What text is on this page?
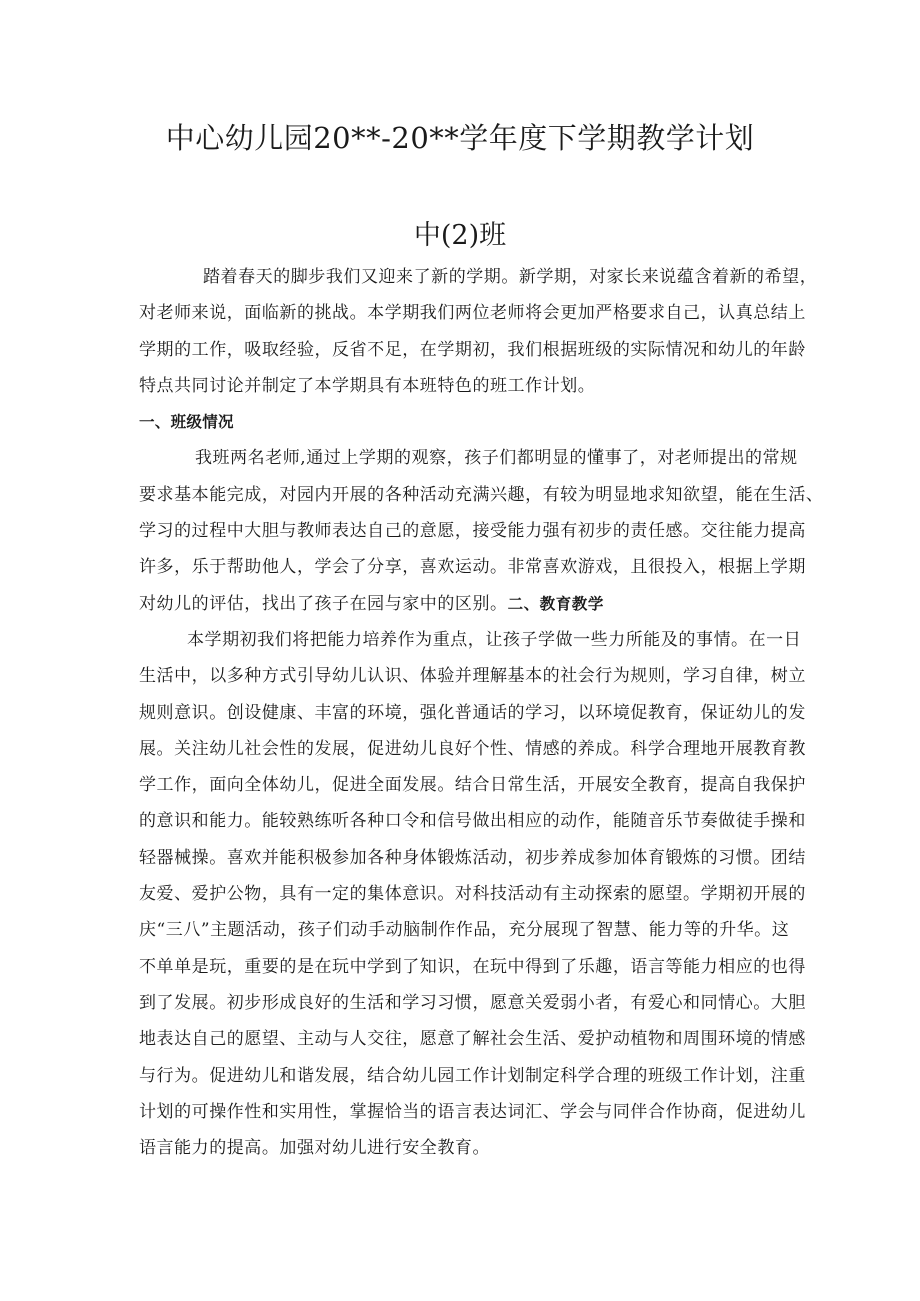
中心幼儿园20**-20**学年度下学期教学计划
中(2)班
踏着春天的脚步我们又迎来了新的学期。新学期，对家长来说蕴含着新的希望，
对老师来说，面临新的挑战。本学期我们两位老师将会更加严格要求自己，认真总结上
学期的工作，吸取经验，反省不足，在学期初，我们根据班级的实际情况和幼儿的年龄
特点共同讨论并制定了本学期具有本班特色的班工作计划。
一、班级情况
我班两名老师,通过上学期的观察，孩子们都明显的懂事了，对老师提出的常规
要求基本能完成，对园内开展的各种活动充满兴趣，有较为明显地求知欲望，能在生活、
学习的过程中大胆与教师表达自己的意愿，接受能力强有初步的责任感。交往能力提高
许多，乐于帮助他人，学会了分享，喜欢运动。非常喜欢游戏，且很投入，根据上学期
对幼儿的评估，找出了孩子在园与家中的区别。二、教育教学
本学期初我们将把能力培养作为重点，让孩子学做一些力所能及的事情。在一日
生活中，以多种方式引导幼儿认识、体验并理解基本的社会行为规则，学习自律，树立
规则意识。创设健康、丰富的环境，强化普通话的学习，以环境促教育，保证幼儿的发
展。关注幼儿社会性的发展，促进幼儿良好个性、情感的养成。科学合理地开展教育教
学工作，面向全体幼儿，促进全面发展。结合日常生活，开展安全教育，提高自我保护
的意识和能力。能较熟练听各种口令和信号做出相应的动作，能随音乐节奏做徒手操和
轻器械操。喜欢并能积极参加各种身体锻炼活动，初步养成参加体育锻炼的习惯。团结
友爱、爱护公物，具有一定的集体意识。对科技活动有主动探索的愿望。学期初开展的
庆“三八”主题活动，孩子们动手动脑制作作品，充分展现了智慧、能力等的升华。这
不单单是玩，重要的是在玩中学到了知识，在玩中得到了乐趣，语言等能力相应的也得
到了发展。初步形成良好的生活和学习习惯，愿意关爱弱小者，有爱心和同情心。大胆
地表达自己的愿望、主动与人交往，愿意了解社会生活、爱护动植物和周围环境的情感
与行为。促进幼儿和谐发展，结合幼儿园工作计划制定科学合理的班级工作计划，注重
计划的可操作性和实用性，掌握恰当的语言表达词汇、学会与同伴合作协商，促进幼儿
语言能力的提高。加强对幼儿进行安全教育。
